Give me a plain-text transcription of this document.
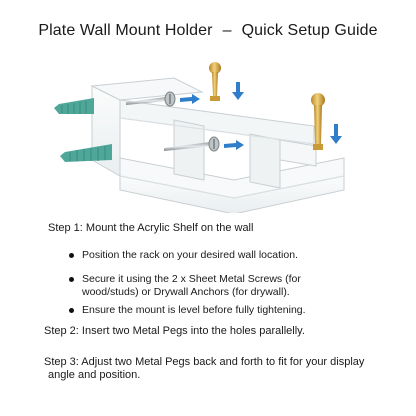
Plate Wall Mount Holder – Quick Setup Guide
Step 1: Mount the Acrylic Shelf on the wall
Position the rack on your desired wall location.
Secure it using the 2 x Sheet Metal Screws (for wood/studs) or Drywall Anchors (for drywall).
Ensure the mount is level before fully tightening.
Step 2: Insert two Metal Pegs into the holes parallelly.
Step 3: Adjust two Metal Pegs back and forth to fit for your display
angle and position.
